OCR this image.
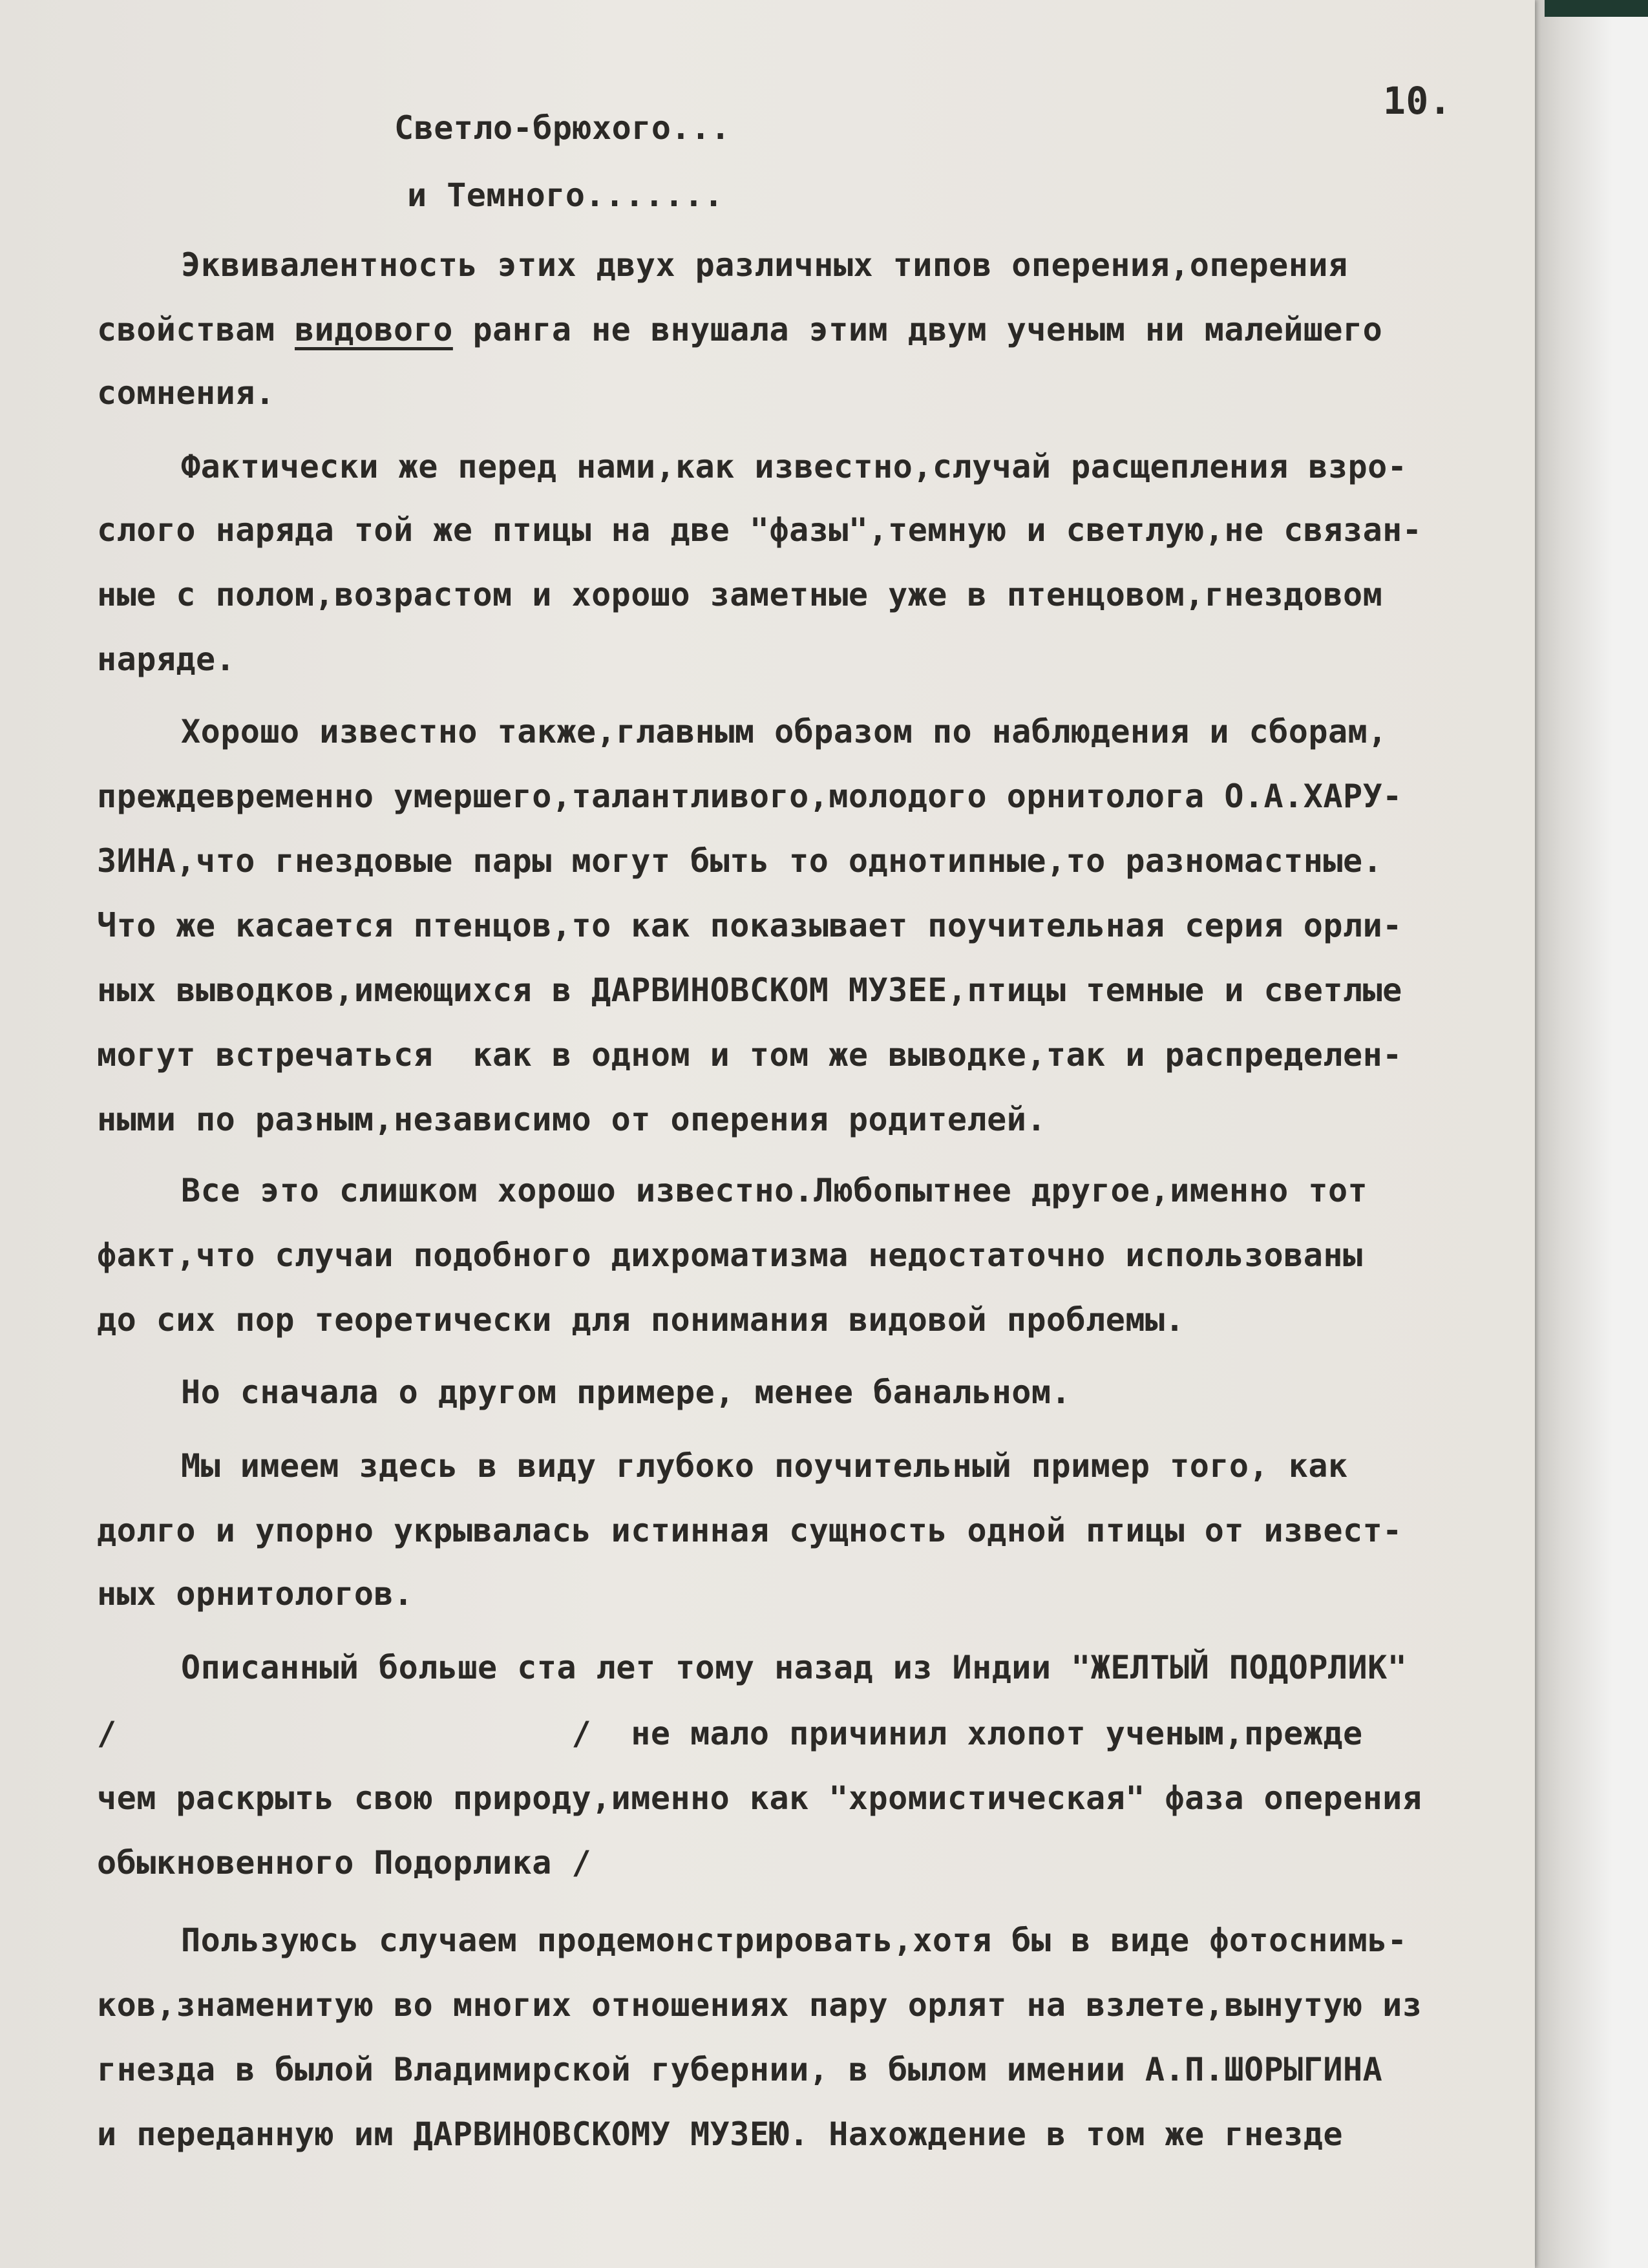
10.
Светло-брюхого...
и Темного.......
Эквивалентность этих двух различных типов оперения,оперения
свойствам видового ранга не внушала этим двум ученым ни малейшего
сомнения.
Фактически же перед нами,как известно,случай расщепления взро-
слого наряда той же птицы на две "фазы",темную и светлую,не связан-
ные с полом,возрастом и хорошо заметные уже в птенцовом,гнездовом
наряде.
Хорошо известно также,главным образом по наблюдения и сборам,
преждевременно умершего,талантливого,молодого орнитолога О.А.ХАРУ-
ЗИНА,что гнездовые пары могут быть то однотипные,то разномастные.
Что же касается птенцов,то как показывает поучительная серия орли-
ных выводков,имеющихся в ДАРВИНОВСКОМ МУЗЕЕ,птицы темные и светлые
могут встречаться  как в одном и том же выводке,так и распределен-
ными по разным,независимо от оперения родителей.
Все это слишком хорошо известно.Любопытнее другое,именно тот
факт,что случаи подобного дихроматизма недостаточно использованы
до сих пор теоретически для понимания видовой проблемы.
Но сначала о другом примере, менее банальном.
Мы имеем здесь в виду глубоко поучительный пример того, как
долго и упорно укрывалась истинная сущность одной птицы от извест-
ных орнитологов.
Описанный больше ста лет тому назад из Индии "ЖЕЛТЫЙ ПОДОРЛИК"
/                       /  не мало причинил хлопот ученым,прежде
чем раскрыть свою природу,именно как "хромистическая" фаза оперения
обыкновенного Подорлика /
Пользуюсь случаем продемонстрировать,хотя бы в виде фотоснимь-
ков,знаменитую во многих отношениях пару орлят на взлете,вынутую из
гнезда в былой Владимирской губернии, в былом имении А.П.ШОРЫГИНА
и переданную им ДАРВИНОВСКОМУ МУЗЕЮ. Нахождение в том же гнезде
